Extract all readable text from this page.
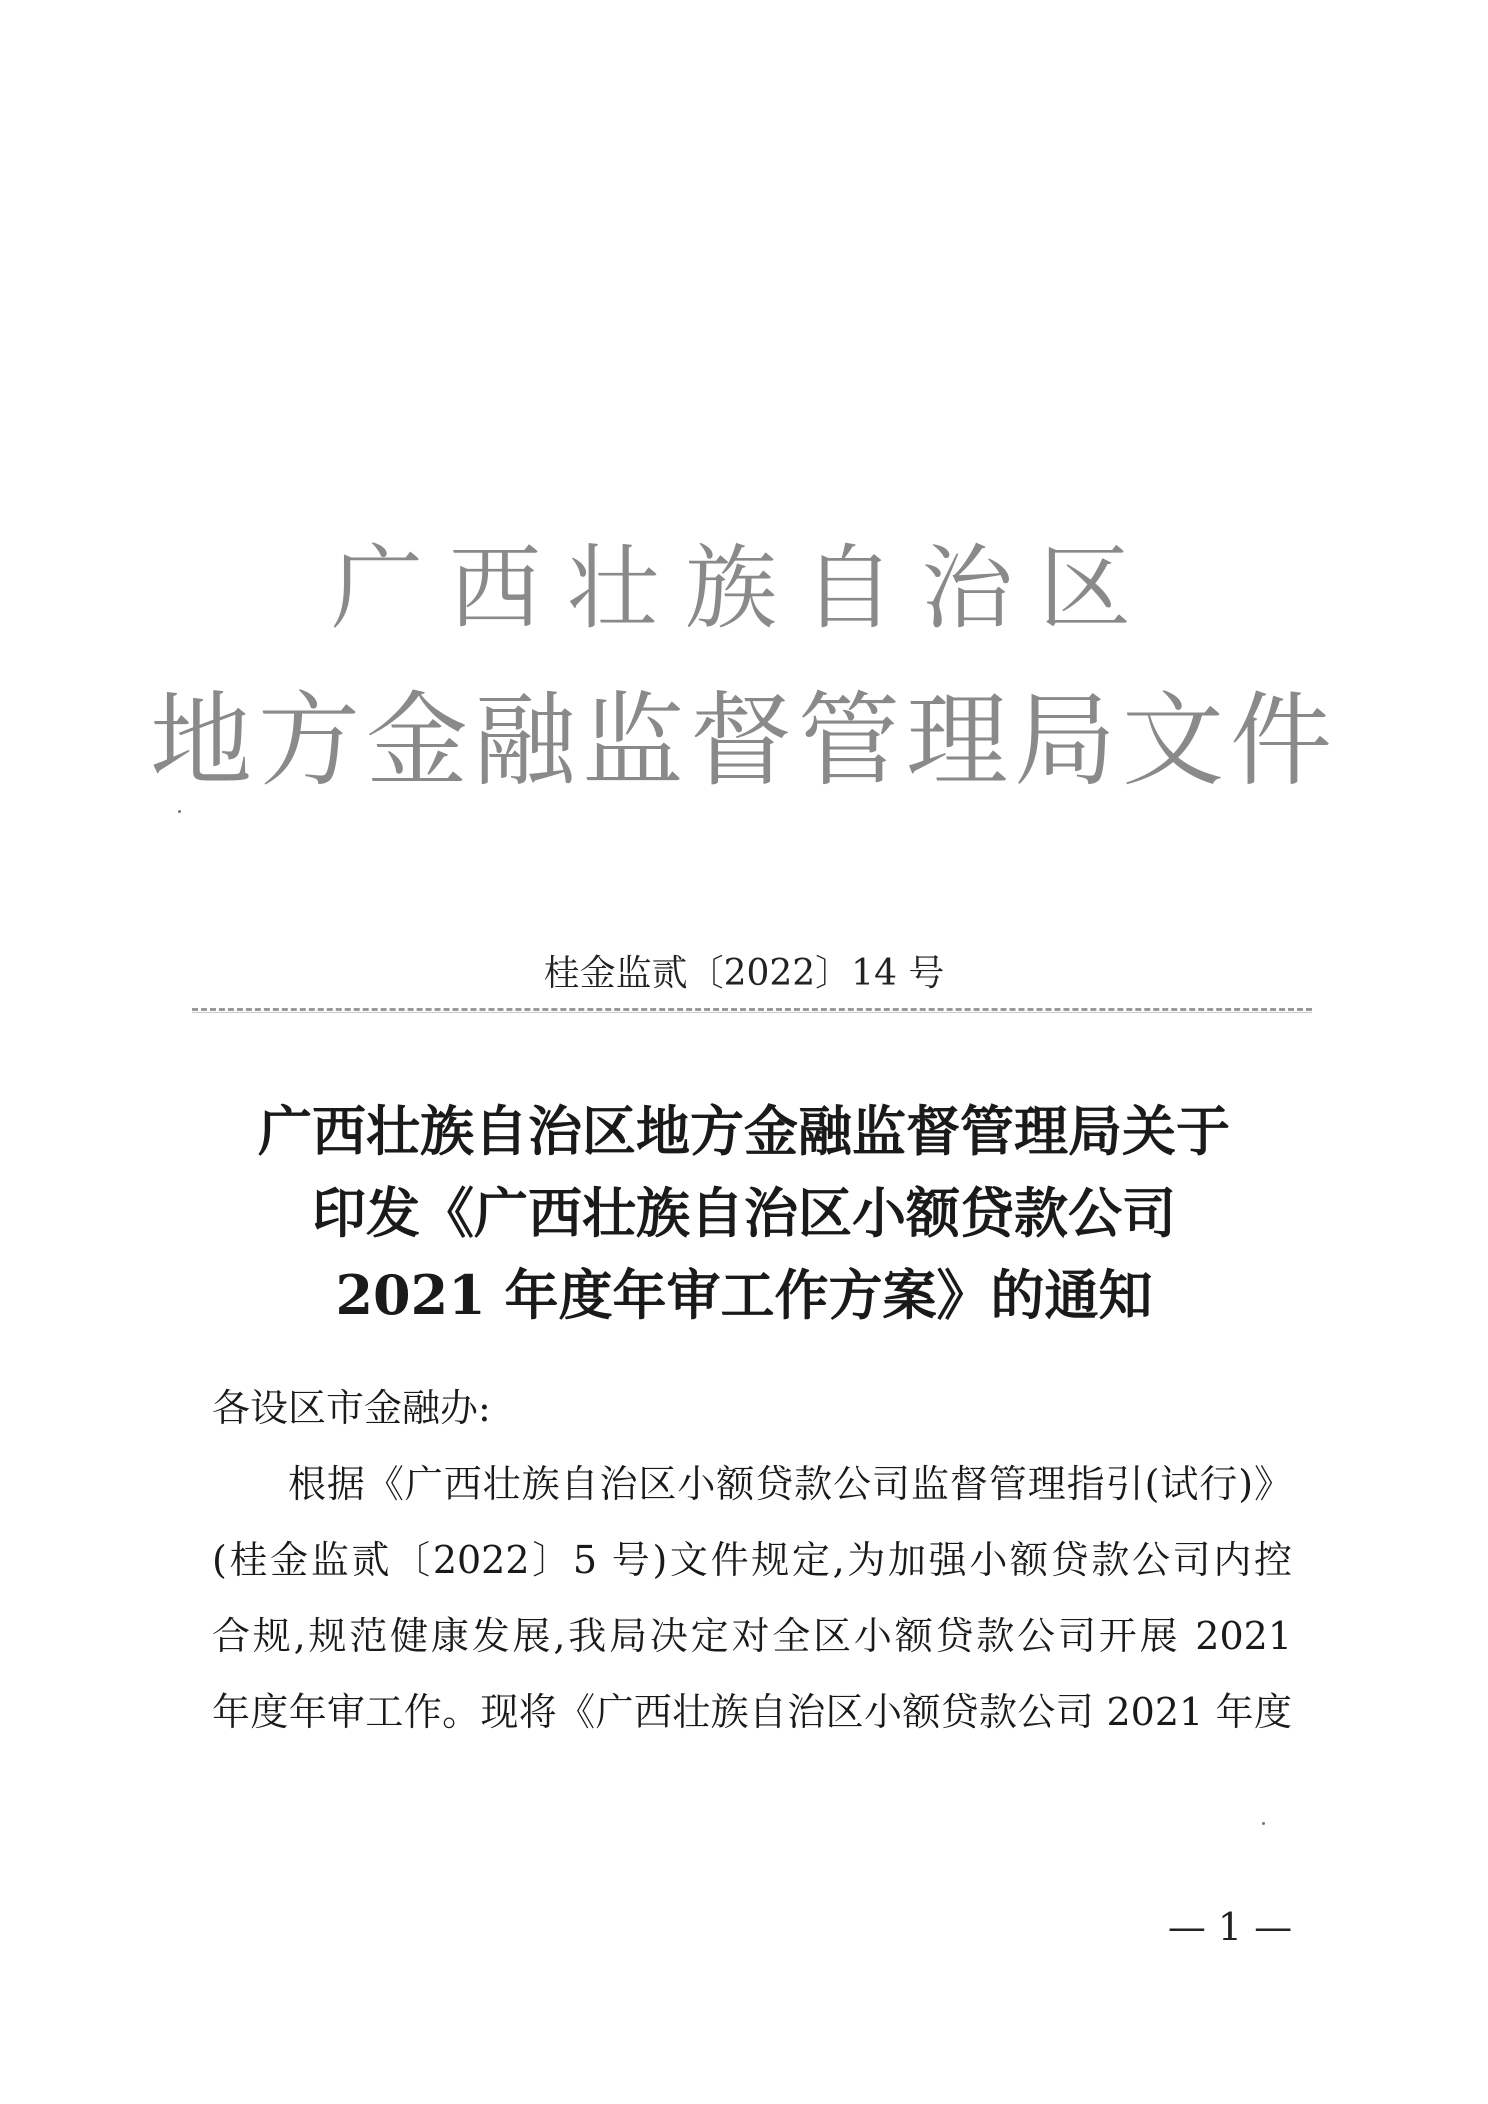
广西壮族自治区
地方金融监督管理局文件
桂金监贰〔2022〕14 号
广西壮族自治区地方金融监督管理局关于
印发《广西壮族自治区小额贷款公司
2021 年度年审工作方案》的通知
各设区市金融办:
根据《广西壮族自治区小额贷款公司监督管理指引(试行)》
(桂金监贰〔2022〕5 号)文件规定,为加强小额贷款公司内控
合规,规范健康发展,我局决定对全区小额贷款公司开展 2021
年度年审工作。现将《广西壮族自治区小额贷款公司 2021 年度
— 1 —
